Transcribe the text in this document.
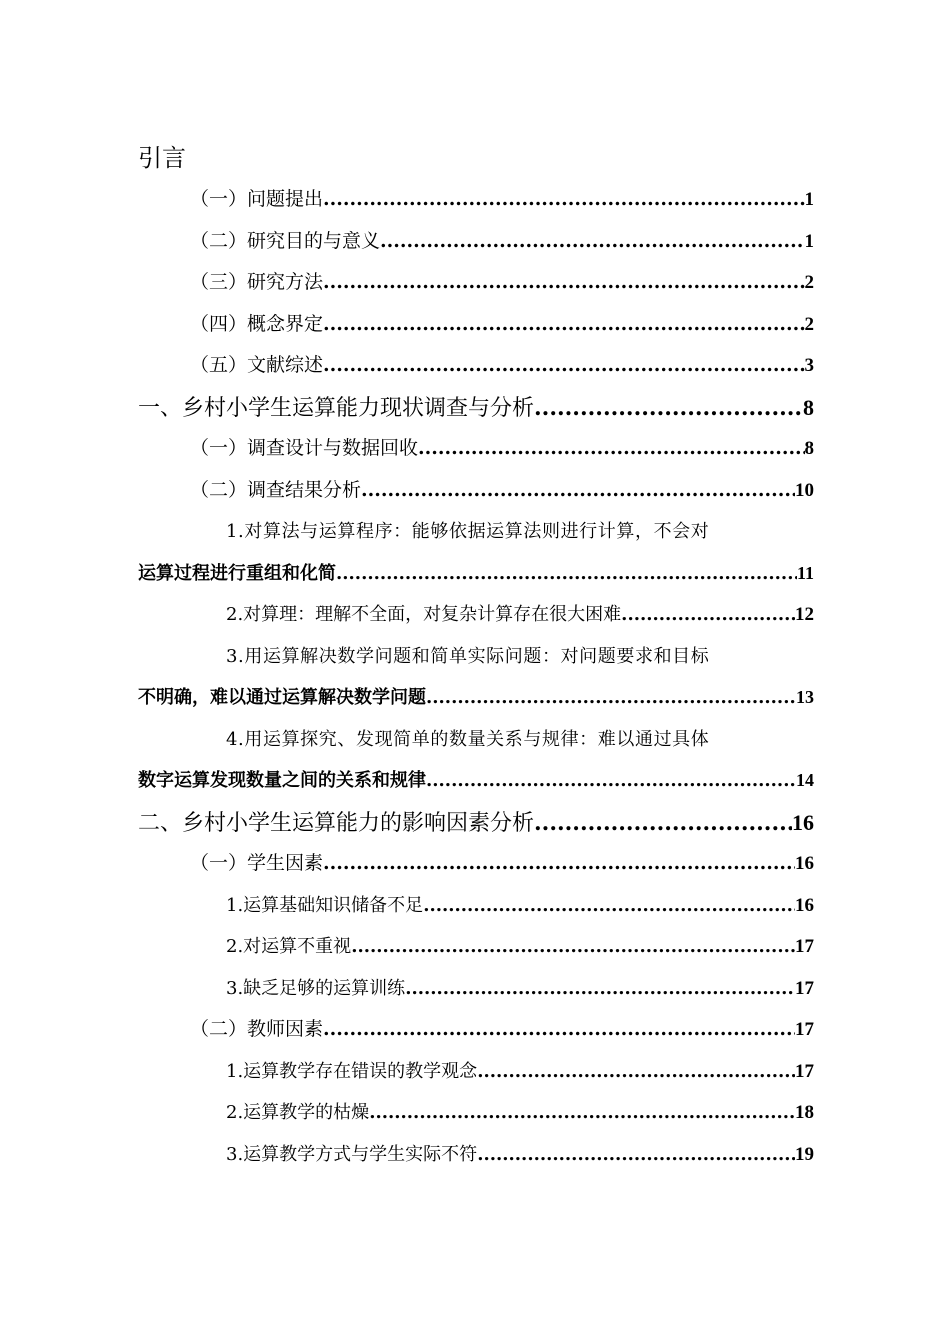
引言
（一）问题提出 .....	1
（二）研究目的与意义 .....	1
（三）研究方法 .....	2
（四）概念界定 .....	2
（五）文献综述 .....	3
一、乡村小学生运算能力现状调查与分析 .....	8
（一）调查设计与数据回收 .....	8
（二）调查结果分析 .....	10
1.对算法与运算程序：能够依据运算法则进行计算，不会对
运算过程进行重组和化简 .....	11
2.对算理：理解不全面，对复杂计算存在很大困难 .....	12
3.用运算解决数学问题和简单实际问题：对问题要求和目标
不明确，难以通过运算解决数学问题 .....	13
4.用运算探究、发现简单的数量关系与规律：难以通过具体
数字运算发现数量之间的关系和规律 .....	14
二、乡村小学生运算能力的影响因素分析 .....	16
（一）学生因素 .....	16
1.运算基础知识储备不足 .....	16
2.对运算不重视 .....	17
3.缺乏足够的运算训练 .....	17
（二）教师因素 .....	17
1.运算教学存在错误的教学观念 .....	17
2.运算教学的枯燥 .....	18
3.运算教学方式与学生实际不符 .....	19
